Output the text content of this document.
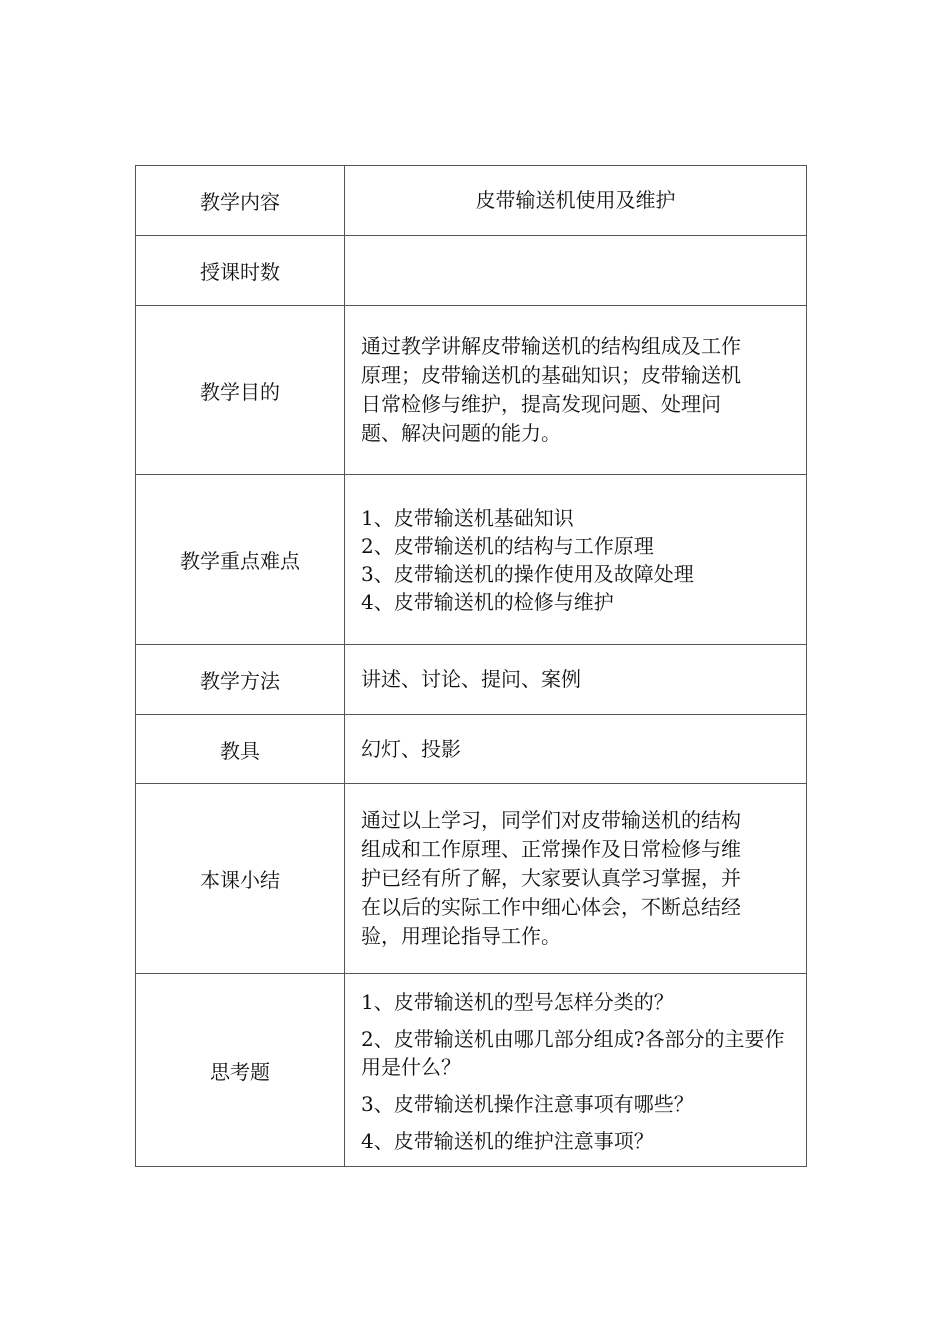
教学内容	皮带输送机使用及维护
授课时数	
教学目的	通过教学讲解皮带输送机的结构组成及工作
原理；皮带输送机的基础知识；皮带输送机
日常检修与维护，提高发现问题、处理问
题、解决问题的能力。

教学重点难点	1、皮带输送机基础知识
2、皮带输送机的结构与工作原理
3、皮带输送机的操作使用及故障处理
4、皮带输送机的检修与维护

教学方法	讲述、讨论、提问、案例
教具	幻灯、投影
本课小结	通过以上学习，同学们对皮带输送机的结构
组成和工作原理、正常操作及日常检修与维
护已经有所了解，大家要认真学习掌握，并
在以后的实际工作中细心体会，不断总结经
验，用理论指导工作。

思考题	1、皮带输送机的型号怎样分类的？
2、皮带输送机由哪几部分组成?各部分的主要作用是什么？
3、皮带输送机操作注意事项有哪些？
4、皮带输送机的维护注意事项？
